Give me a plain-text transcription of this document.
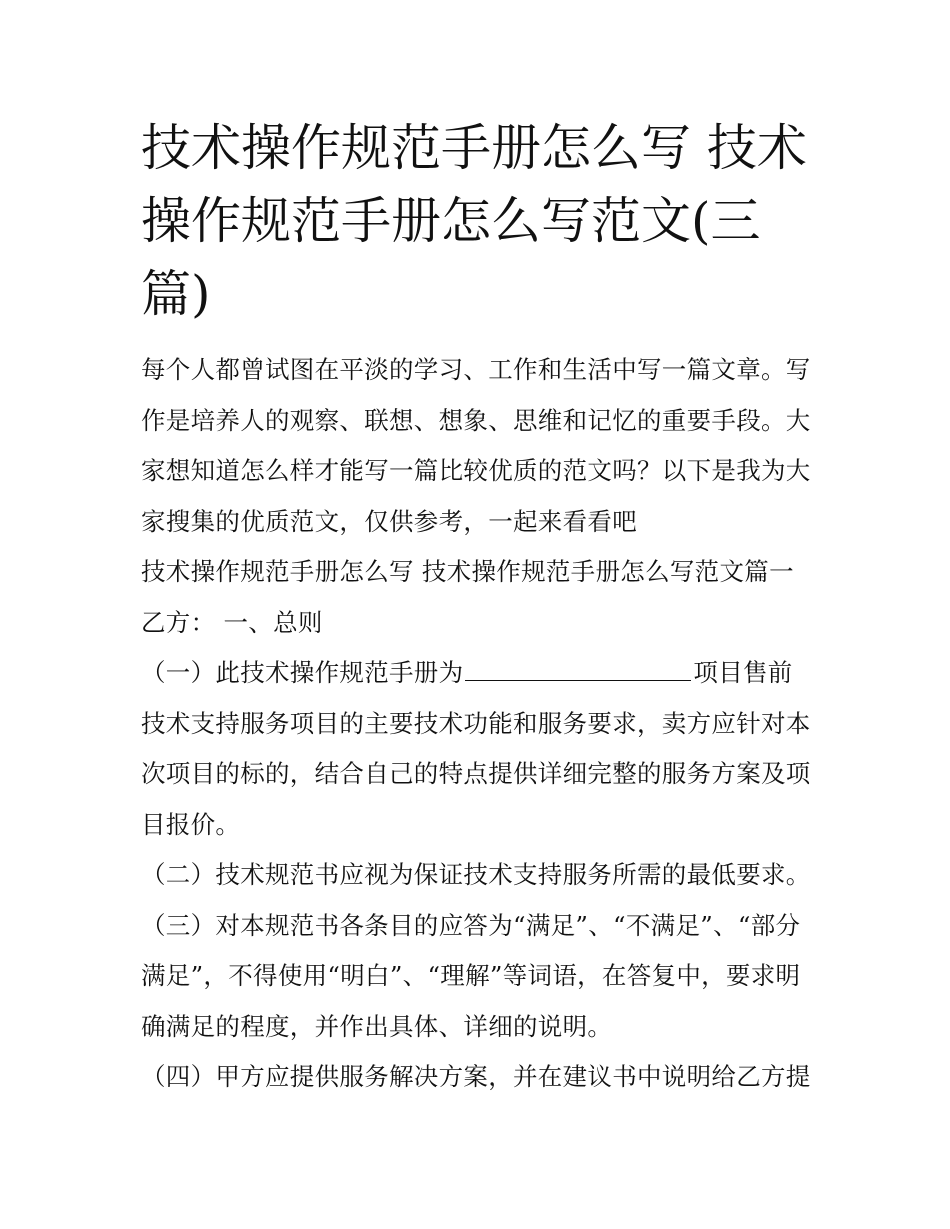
技术操作规范手册怎么写 技术
操作规范手册怎么写范文(三
篇)

每个人都曾试图在平淡的学习、工作和生活中写一篇文章。写
作是培养人的观察、联想、想象、思维和记忆的重要手段。大
家想知道怎么样才能写一篇比较优质的范文吗？以下是我为大
家搜集的优质范文，仅供参考，一起来看看吧

技术操作规范手册怎么写 技术操作规范手册怎么写范文篇一

乙方： 一、总则

（一）此技术操作规范手册为	项目售前
技术支持服务项目的主要技术功能和服务要求，卖方应针对本
次项目的标的，结合自己的特点提供详细完整的服务方案及项
目报价。

（二）技术规范书应视为保证技术支持服务所需的最低要求。

（三）对本规范书各条目的应答为“满足”、“不满足”、“部分
满足”，不得使用“明白”、“理解”等词语，在答复中，要求明
确满足的程度，并作出具体、详细的说明。

（四）甲方应提供服务解决方案，并在建议书中说明给乙方提
